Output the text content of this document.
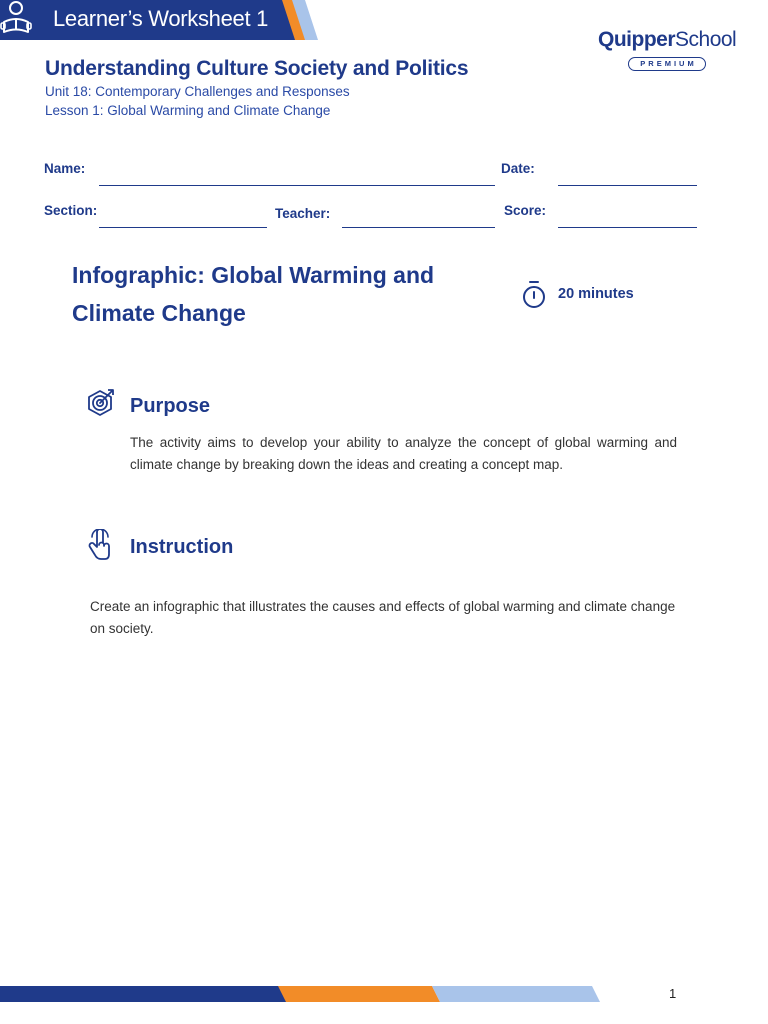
Learner’s Worksheet 1
QuipperSchool
PREMIUM
Understanding Culture Society and Politics
Unit 18: Contemporary Challenges and Responses
Lesson 1: Global Warming and Climate Change
Name:	Date:
Section:	Teacher:	Score:
Infographic: Global Warming and Climate Change
20 minutes
Purpose
The activity aims to develop your ability to analyze the concept of global warming and climate change by breaking down the ideas and creating a concept map.
Instruction
Create an infographic that illustrates the causes and effects of global warming and climate change on society.
1
